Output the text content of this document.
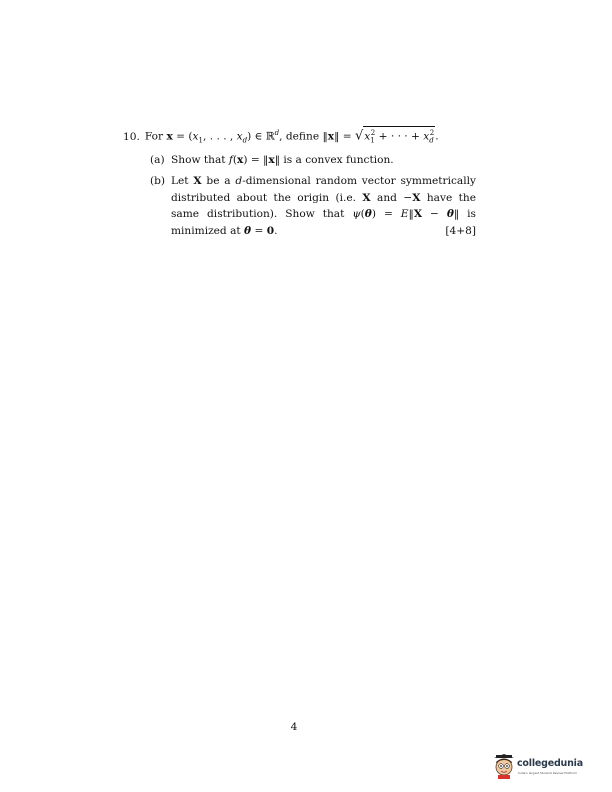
10. For $x = (x_1$, . . . , $x_d$) ∈ ℝ$^d$, define ‖x‖ = $√x_1^2$ + · · · + $x_d^2$.
(a) Show that f(x) = ‖x‖ is a convex function.
(b) Let X be a d-dimensional random vector symmetrically distributed about the origin (i.e. X and −X have the same distribution). Show that ψ(θ) = E‖X − θ‖ is minimized at θ = 0.	[4+8]
4
collegedunia
India's largest Student Review Platform
